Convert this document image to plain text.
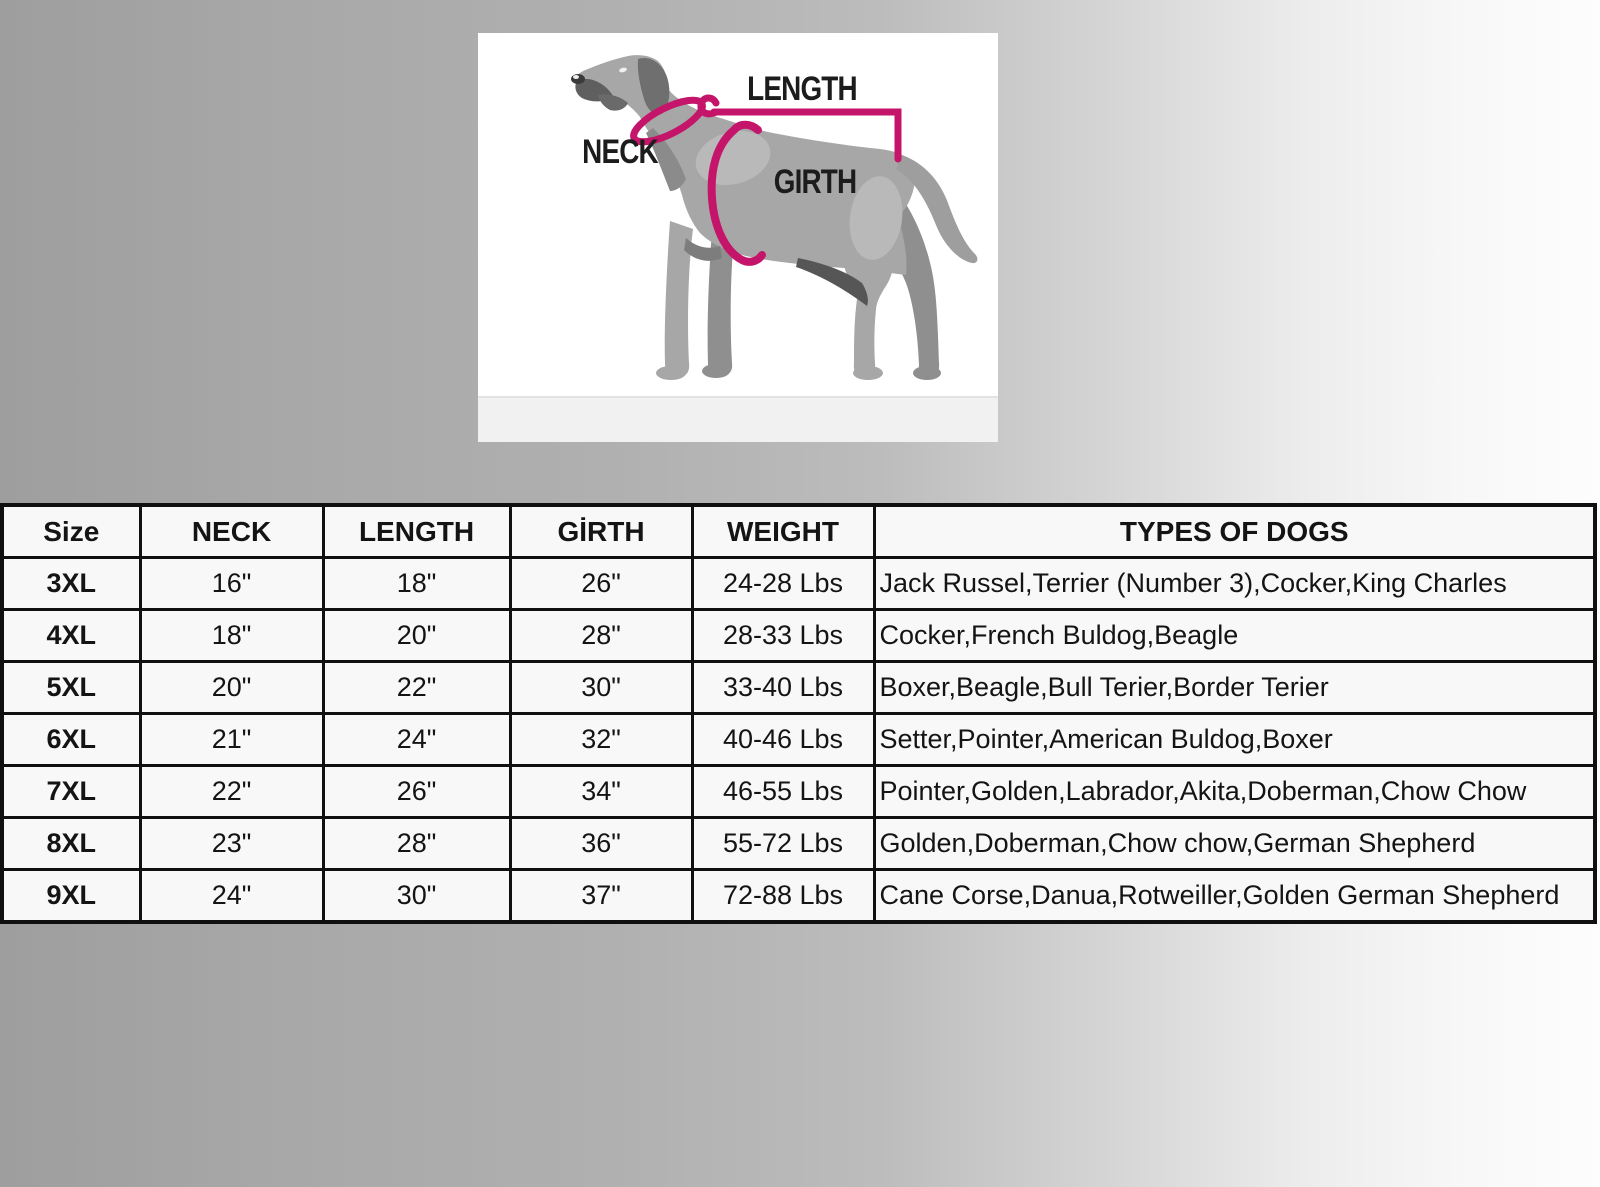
NECK
LENGTH
GIRTH
Size	NECK	LENGTH	GİRTH	WEIGHT	TYPES OF DOGS
3XL	16"	18"	26"	24-28 Lbs	Jack Russel,Terrier (Number 3),Cocker,King Charles
4XL	18"	20"	28"	28-33 Lbs	Cocker,French Buldog,Beagle
5XL	20"	22"	30"	33-40 Lbs	Boxer,Beagle,Bull Terier,Border Terier
6XL	21"	24"	32"	40-46 Lbs	Setter,Pointer,American Buldog,Boxer
7XL	22"	26"	34"	46-55 Lbs	Pointer,Golden,Labrador,Akita,Doberman,Chow Chow
8XL	23"	28"	36"	55-72 Lbs	Golden,Doberman,Chow chow,German Shepherd
9XL	24"	30"	37"	72-88 Lbs	Cane Corse,Danua,Rotweiller,Golden German Shepherd
